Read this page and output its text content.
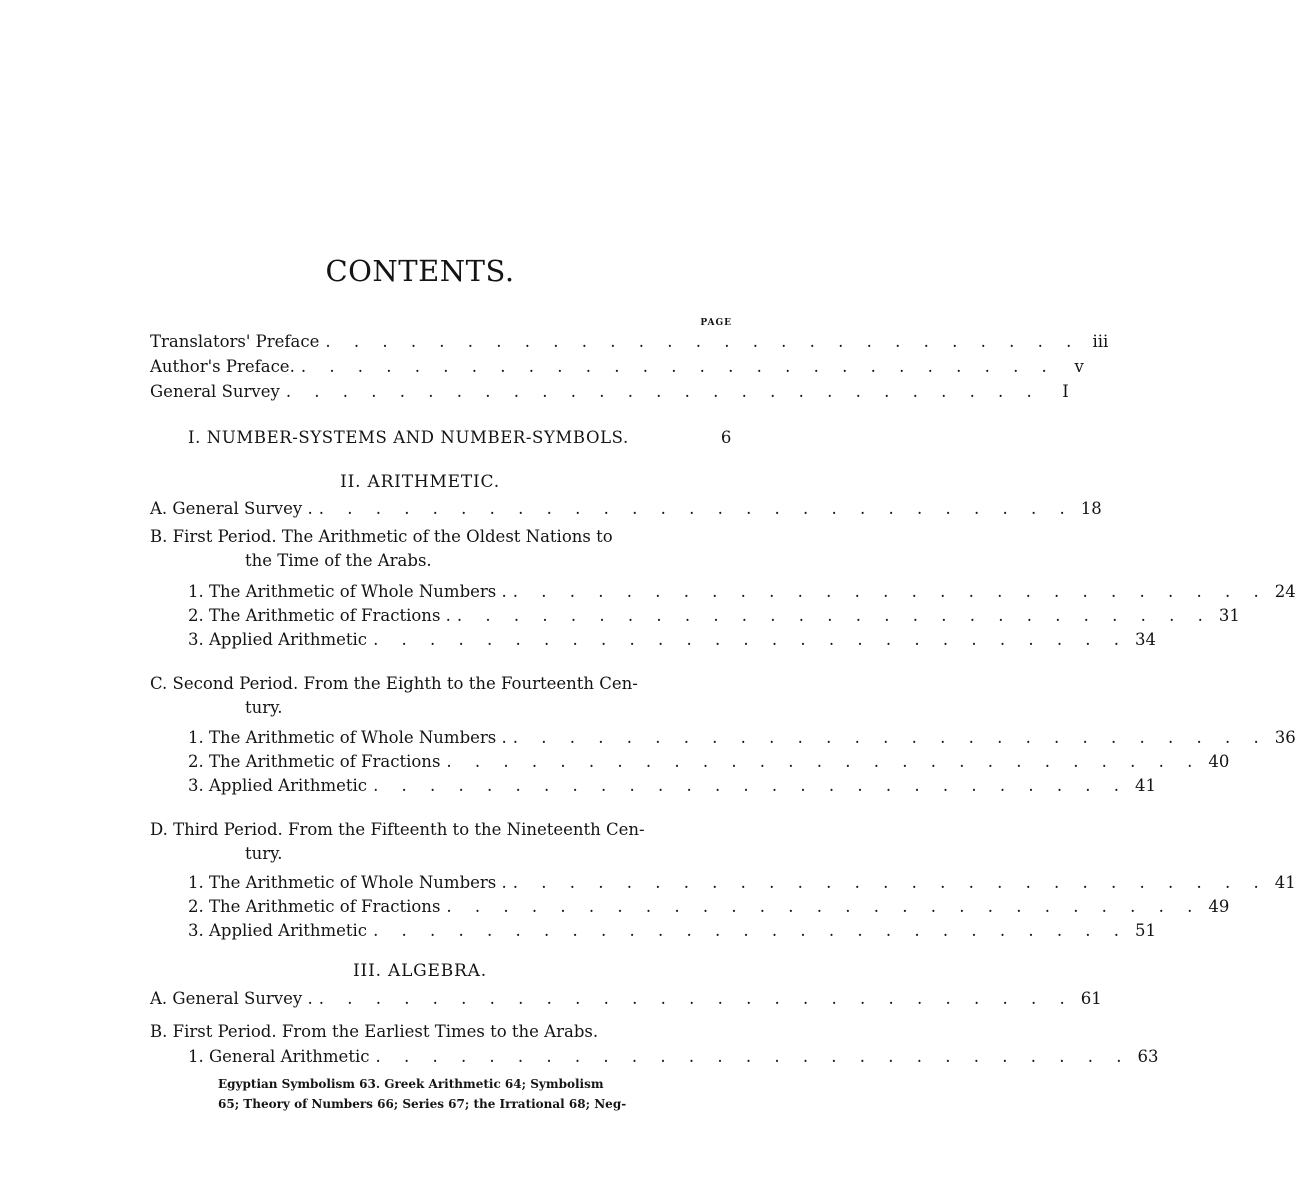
CONTENTS.
PAGE
Translators' Preface . . . . . . . . . . . . . . . . . . . . . . . . . . . iii
Author's Preface. . . . . . . . . . . . . . . . . . . . . . . . . . . .	v
General Survey . . . . . . . . . . . . . . . . . . . . . . . . . . .	I
I. NUMBER-SYSTEMS AND NUMBER-SYMBOLS.	6
II. ARITHMETIC.
A. General Survey . . . . . . . . . . . . . . . . . . . . . . . . . . . . 18
B. First Period. The Arithmetic of the Oldest Nations to
the Time of the Arabs.
1. The Arithmetic of Whole Numbers . . . . . . . . . . . . . . . . . . . . . . . . . . . . 24
2. The Arithmetic of Fractions . . . . . . . . . . . . . . . . . . . . . . . . . . . . 31
3. Applied Arithmetic . . . . . . . . . . . . . . . . . . . . . . . . . . . 34
C. Second Period. From the Eighth to the Fourteenth Cen-
tury.
1. The Arithmetic of Whole Numbers . . . . . . . . . . . . . . . . . . . . . . . . . . . . 36
2. The Arithmetic of Fractions . . . . . . . . . . . . . . . . . . . . . . . . . . . 40
3. Applied Arithmetic . . . . . . . . . . . . . . . . . . . . . . . . . . . 41
D. Third Period. From the Fifteenth to the Nineteenth Cen-
tury.
1. The Arithmetic of Whole Numbers . . . . . . . . . . . . . . . . . . . . . . . . . . . . 41
2. The Arithmetic of Fractions . . . . . . . . . . . . . . . . . . . . . . . . . . . 49
3. Applied Arithmetic . . . . . . . . . . . . . . . . . . . . . . . . . . . 51
III. ALGEBRA.
A. General Survey . . . . . . . . . . . . . . . . . . . . . . . . . . . . 61
B. First Period. From the Earliest Times to the Arabs.
1. General Arithmetic . . . . . . . . . . . . . . . . . . . . . . . . . . . 63
Egyptian Symbolism 63. Greek Arithmetic 64; Symbolism
65; Theory of Numbers 66; Series 67; the Irrational 68; Neg-
